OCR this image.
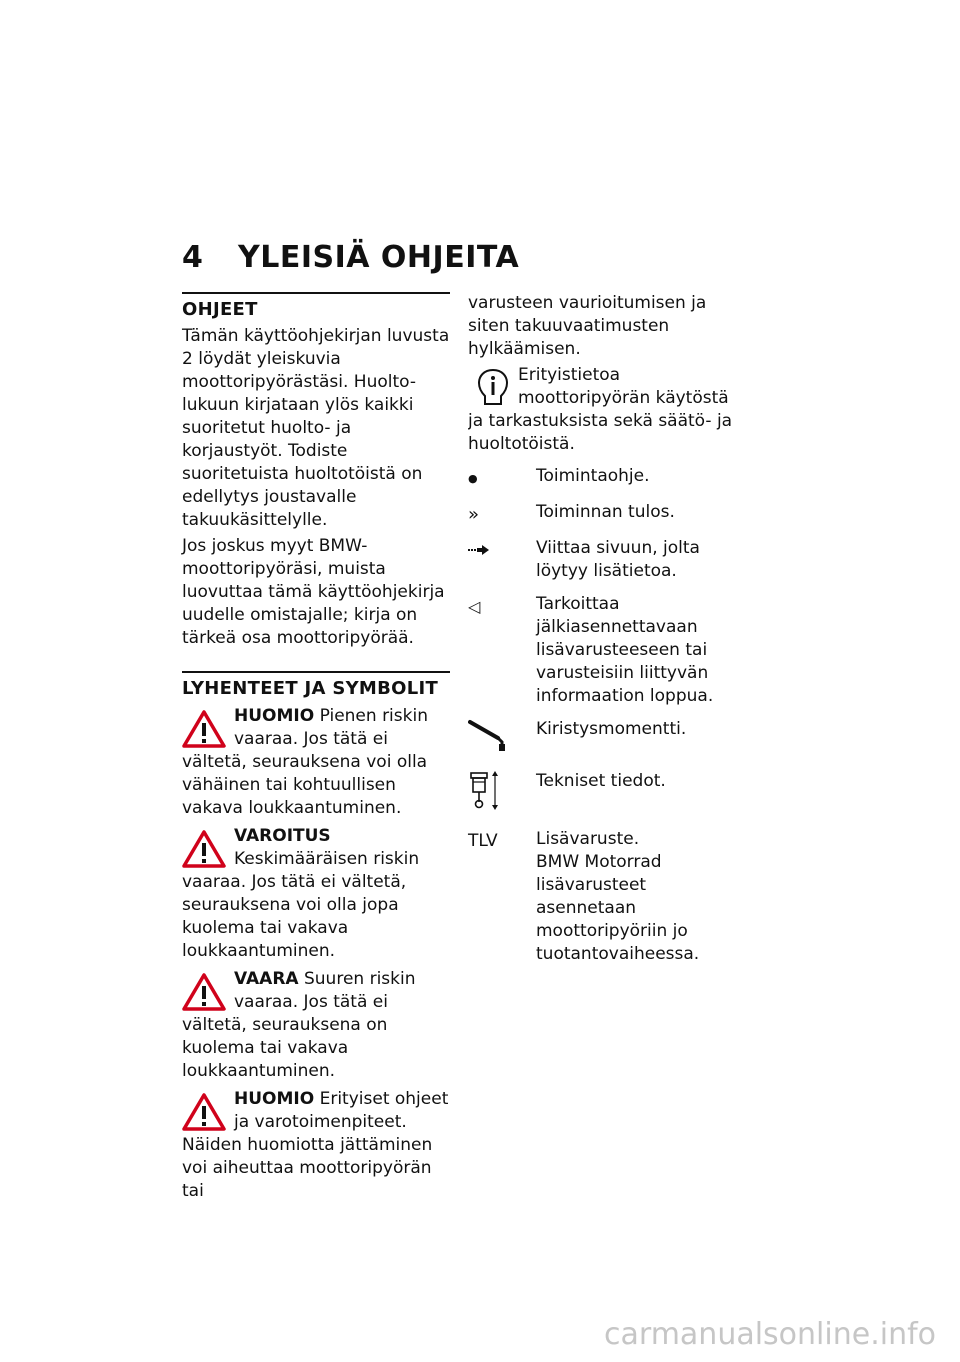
4 YLEISIÄ OHJEITA
OHJEET

Tämän käyttöohjekirjan luvusta 2 löydät yleiskuvia moottoripyörästäsi. Huolto-lukuun kirjataan ylös kaikki suoritetut huolto- ja korjaustyöt. Todiste suoritetuista huoltotöistä on edellytys joustavalle takuukäsittelylle.

Jos joskus myyt BMW-moottoripyöräsi, muista luovuttaa tämä käyttöohjekirja uudelle omistajalle; kirja on tärkeä osa moottoripyörää.

LYHENTEET JA SYMBOLIT
HUOMIO Pienen riskin vaaraa. Jos tätä ei vältetä, seurauksena voi olla vähäinen tai kohtuullisen vakava loukkaantuminen.
VAROITUS Keskimääräisen riskin vaaraa. Jos tätä ei vältetä, seurauksena voi olla jopa kuolema tai vakava loukkaantuminen.
VAARA Suuren riskin vaaraa. Jos tätä ei vältetä, seurauksena on kuolema tai vakava loukkaantuminen.
HUOMIO Erityiset ohjeet ja varotoimenpiteet. Näiden huomiotta jättäminen voi aiheuttaa moottoripyörän tai

varusteen vaurioitumisen ja siten takuuvaatimusten hylkäämisen.

Erityistietoa moottoripyörän käytöstä ja tarkastuksista sekä säätö- ja huoltotöistä.
●	Toimintaohje.
»	Toiminnan tulos.
Viittaa sivuun, jolta löytyy lisätietoa.
◁	Tarkoittaa jälkiasennettavaan lisävarusteeseen tai varusteisiin liittyvän informaation loppua.
Kiristysmomentti.
Tekniset tiedot.
TLV	Lisävaruste.
BMW Motorrad lisävarusteet asennetaan moottoripyöriin jo tuotantovaiheessa.
carmanualsonline.info
